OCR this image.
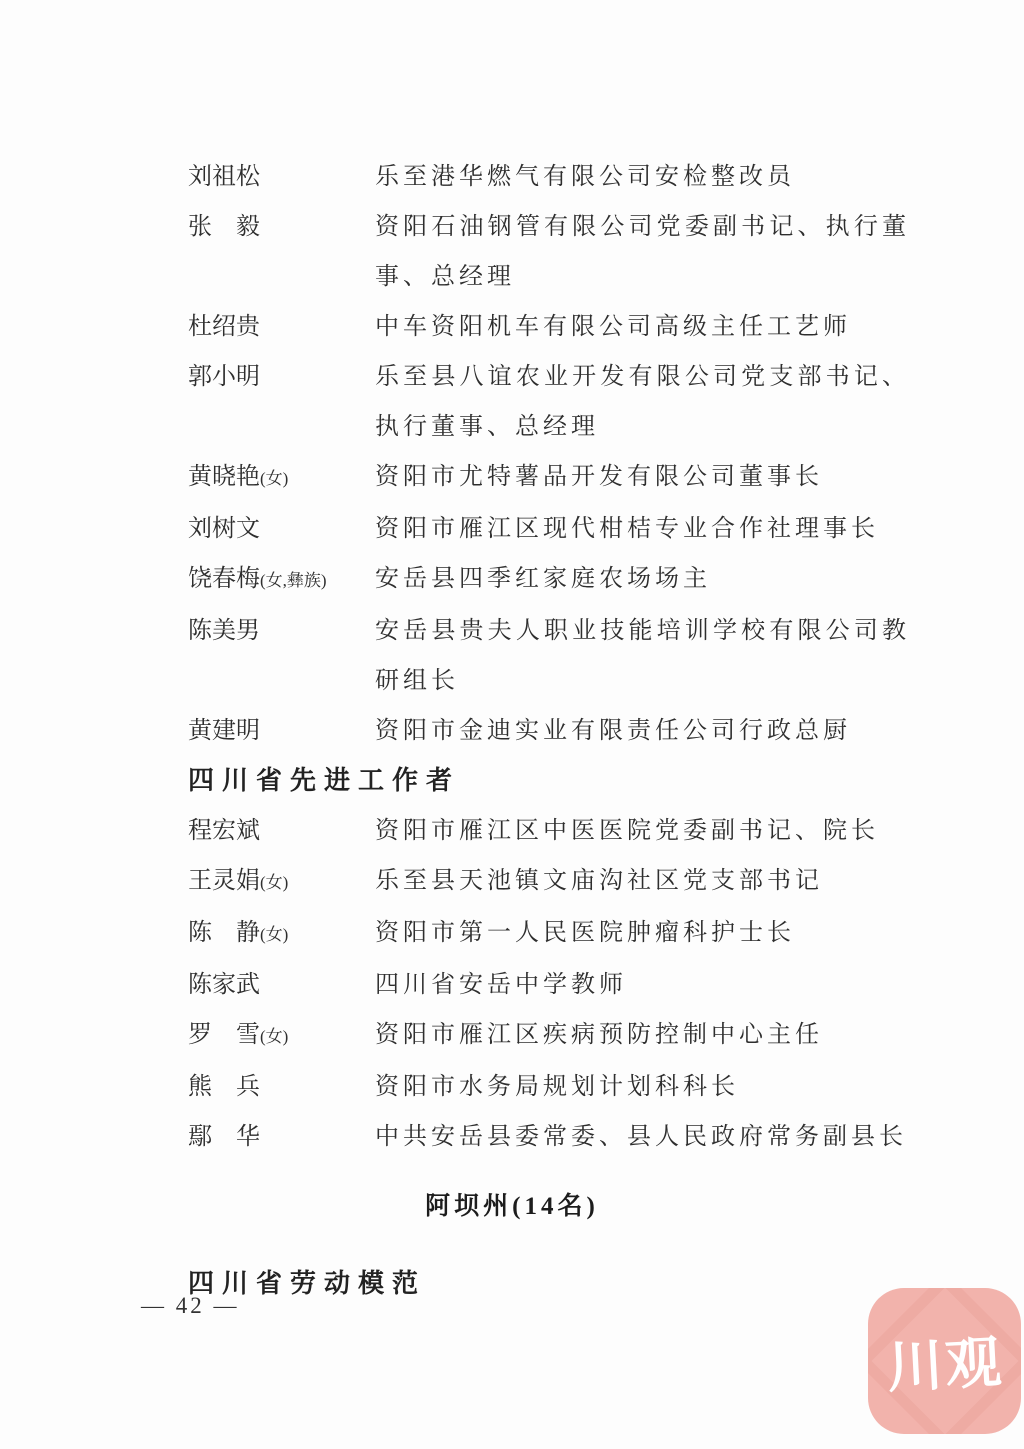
刘祖松	乐至港华燃气有限公司安检整改员
张　毅	资阳石油钢管有限公司党委副书记、执行董事、总经理
杜绍贵	中车资阳机车有限公司高级主任工艺师
郭小明	乐至县八谊农业开发有限公司党支部书记、执行董事、总经理
黄晓艳(女)	资阳市尤特薯品开发有限公司董事长
刘树文	资阳市雁江区现代柑桔专业合作社理事长
饶春梅(女,彝族)	安岳县四季红家庭农场场主
陈美男	安岳县贵夫人职业技能培训学校有限公司教研组长
黄建明	资阳市金迪实业有限责任公司行政总厨
四川省先进工作者
程宏斌	资阳市雁江区中医医院党委副书记、院长
王灵娟(女)	乐至县天池镇文庙沟社区党支部书记
陈　静(女)	资阳市第一人民医院肿瘤科护士长
陈家武	四川省安岳中学教师
罗　雪(女)	资阳市雁江区疾病预防控制中心主任
熊　兵	资阳市水务局规划计划科科长
鄢　华	中共安岳县委常委、县人民政府常务副县长
阿坝州(14名)
四川省劳动模范
— 42 —
川观
